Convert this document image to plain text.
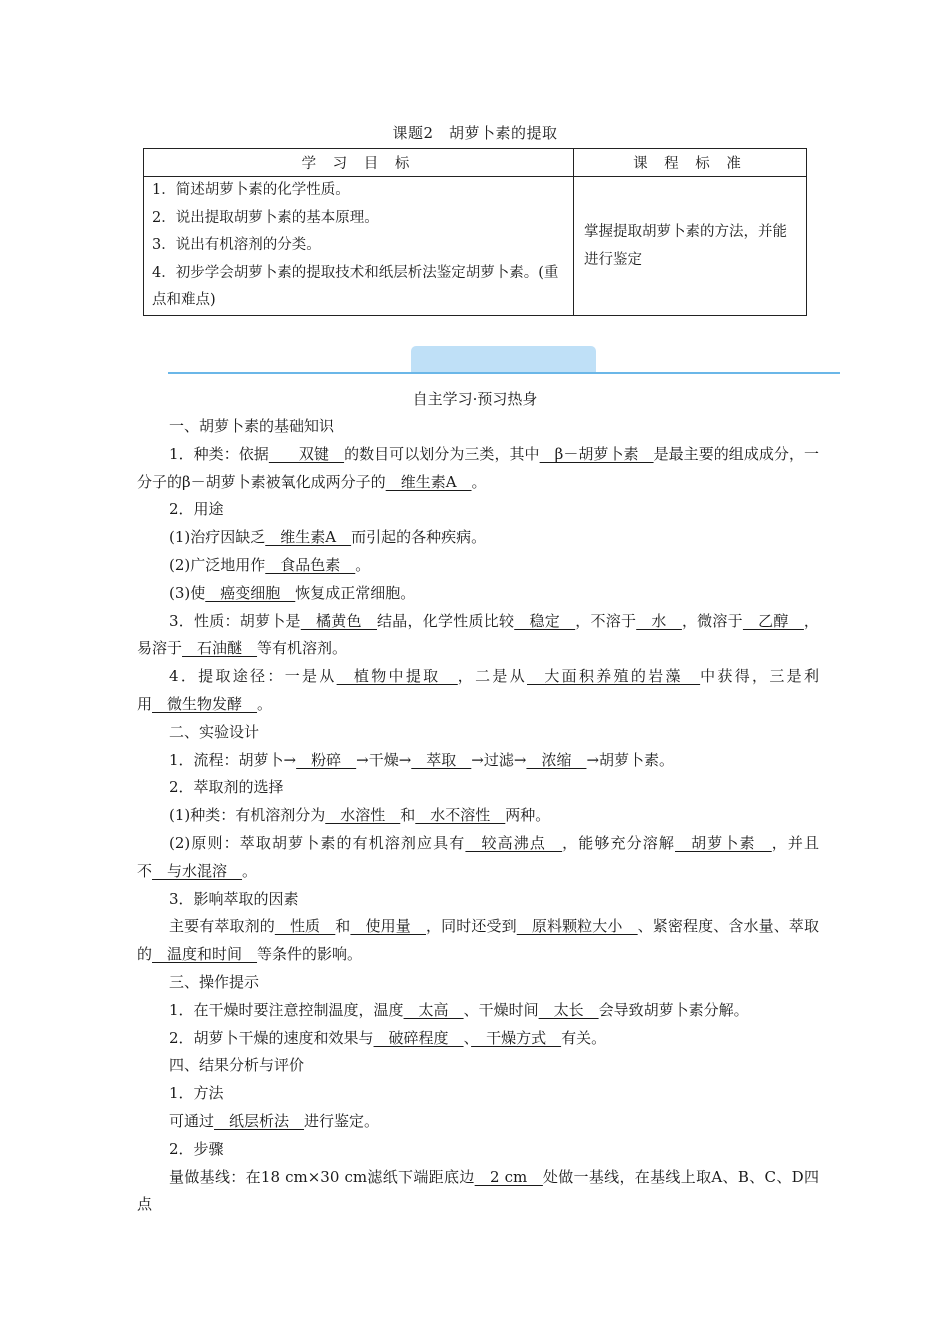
课题2　胡萝卜素的提取
学 习 目 标	课 程 标 准

1．简述胡萝卜素的化学性质。
2．说出提取胡萝卜素的基本原理。
3．说出有机溶剂的分类。
4．初步学会胡萝卜素的提取技术和纸层析法鉴定胡萝卜素。(重点和难点)	掌握提取胡萝卜素的方法，并能进行鉴定
自主学习·预习热身

一、胡萝卜素的基础知识

1．种类：依据　　双键　的数目可以划分为三类，其中　β－胡萝卜素　是最主要的组成成分，一分子的β－胡萝卜素被氧化成两分子的　维生素A　。

2．用途

(1)治疗因缺乏　维生素A　而引起的各种疾病。

(2)广泛地用作　食品色素　。

(3)使　癌变细胞　恢复成正常细胞。

3．性质：胡萝卜是　橘黄色　结晶，化学性质比较　稳定　，不溶于　水　，微溶于　乙醇　，易溶于　石油醚　等有机溶剂。

4．提取途径：一是从　植物中提取　，二是从　大面积养殖的岩藻　中获得，三是利用　微生物发酵　。

二、实验设计

1．流程：胡萝卜→　粉碎　→干燥→　萃取　→过滤→　浓缩　→胡萝卜素。

2．萃取剂的选择

(1)种类：有机溶剂分为　水溶性　和　水不溶性　两种。

(2)原则：萃取胡萝卜素的有机溶剂应具有　较高沸点　，能够充分溶解　胡萝卜素　，并且不　与水混溶　。

3．影响萃取的因素

主要有萃取剂的　性质　和　使用量　，同时还受到　原料颗粒大小　、紧密程度、含水量、萃取的　温度和时间　等条件的影响。

三、操作提示

1．在干燥时要注意控制温度，温度　太高　、干燥时间　太长　会导致胡萝卜素分解。

2．胡萝卜干燥的速度和效果与　破碎程度　、　干燥方式　有关。

四、结果分析与评价

1．方法

可通过　纸层析法　进行鉴定。

2．步骤

量做基线：在18 cm×30 cm滤纸下端距底边　2 cm　处做一基线，在基线上取A、B、C、D四点
